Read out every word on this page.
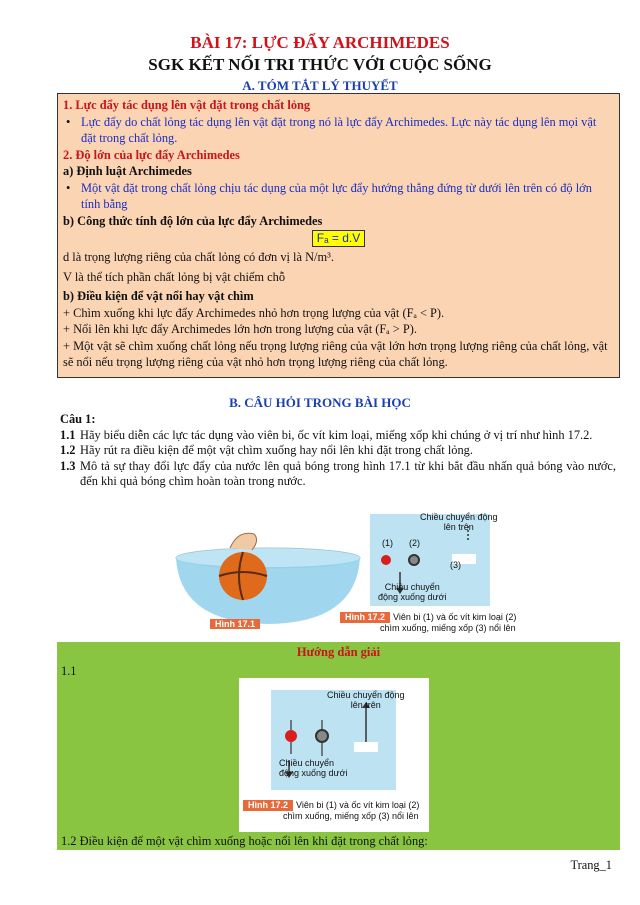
BÀI 17: LỰC ĐẨY ARCHIMEDES
SGK KẾT NỐI TRI THỨC VỚI CUỘC SỐNG
A. TÓM TẮT LÝ THUYẾT
1. Lực đẩy tác dụng lên vật đặt trong chất lỏng
• Lực đẩy do chất lỏng tác dụng lên vật đặt trong nó là lực đẩy Archimedes. Lực này tác dụng lên mọi vật đặt trong chất lỏng.
2. Độ lớn của lực đẩy Archimedes
a) Định luật Archimedes
• Một vật đặt trong chất lỏng chịu tác dụng của một lực đẩy hướng thẳng đứng từ dưới lên trên có độ lớn tính bằng
b) Công thức tính độ lớn của lực đẩy Archimedes
Fₐ = d.V
d là trọng lượng riêng của chất lỏng có đơn vị là N/m³.
V là thể tích phần chất lỏng bị vật chiếm chỗ
b) Điều kiện để vật nổi hay vật chìm
+ Chìm xuống khi lực đẩy Archimedes nhỏ hơn trọng lượng của vật (Fₐ < P).
+ Nổi lên khi lực đẩy Archimedes lớn hơn trong lượng của vật (Fₐ > P).
+ Một vật sẽ chìm xuống chất lỏng nếu trọng lượng riêng của vật lớn hơn trọng lượng riêng của chất lỏng, vật sẽ nổi nếu trọng lượng riêng của vật nhỏ hơn trọng lượng riêng của chất lỏng.
B. CÂU HỎI TRONG BÀI HỌC
Câu 1:
1.1 Hãy biểu diễn các lực tác dụng vào viên bi, ốc vít kim loại, miếng xốp khi chúng ở vị trí như hình 17.2.
1.2 Hãy rút ra điều kiện để một vật chìm xuống hay nổi lên khi đặt trong chất lỏng.
1.3 Mô tả sự thay đổi lực đẩy của nước lên quả bóng trong hình 17.1 từ khi bắt đầu nhấn quả bóng vào nước, đến khi quả bóng chìm hoàn toàn trong nước.
Hình 17.1
Chiều chuyển động
lên trên
(1) (2)
(3)
Chiều chuyển
động xuống dưới
Hình 17.2 Viên bi (1) và ốc vít kim loại (2)
chìm xuống, miếng xốp (3) nổi lên
Hướng dẫn giải
1.1
Chiều chuyển động
lên trên
Chiều chuyển
động xuống dưới
Hình 17.2 Viên bi (1) và ốc vít kim loại (2)
chìm xuống, miếng xốp (3) nổi lên
1.2 Điều kiện để một vật chìm xuống hoặc nổi lên khi đặt trong chất lỏng:
Trang_1
